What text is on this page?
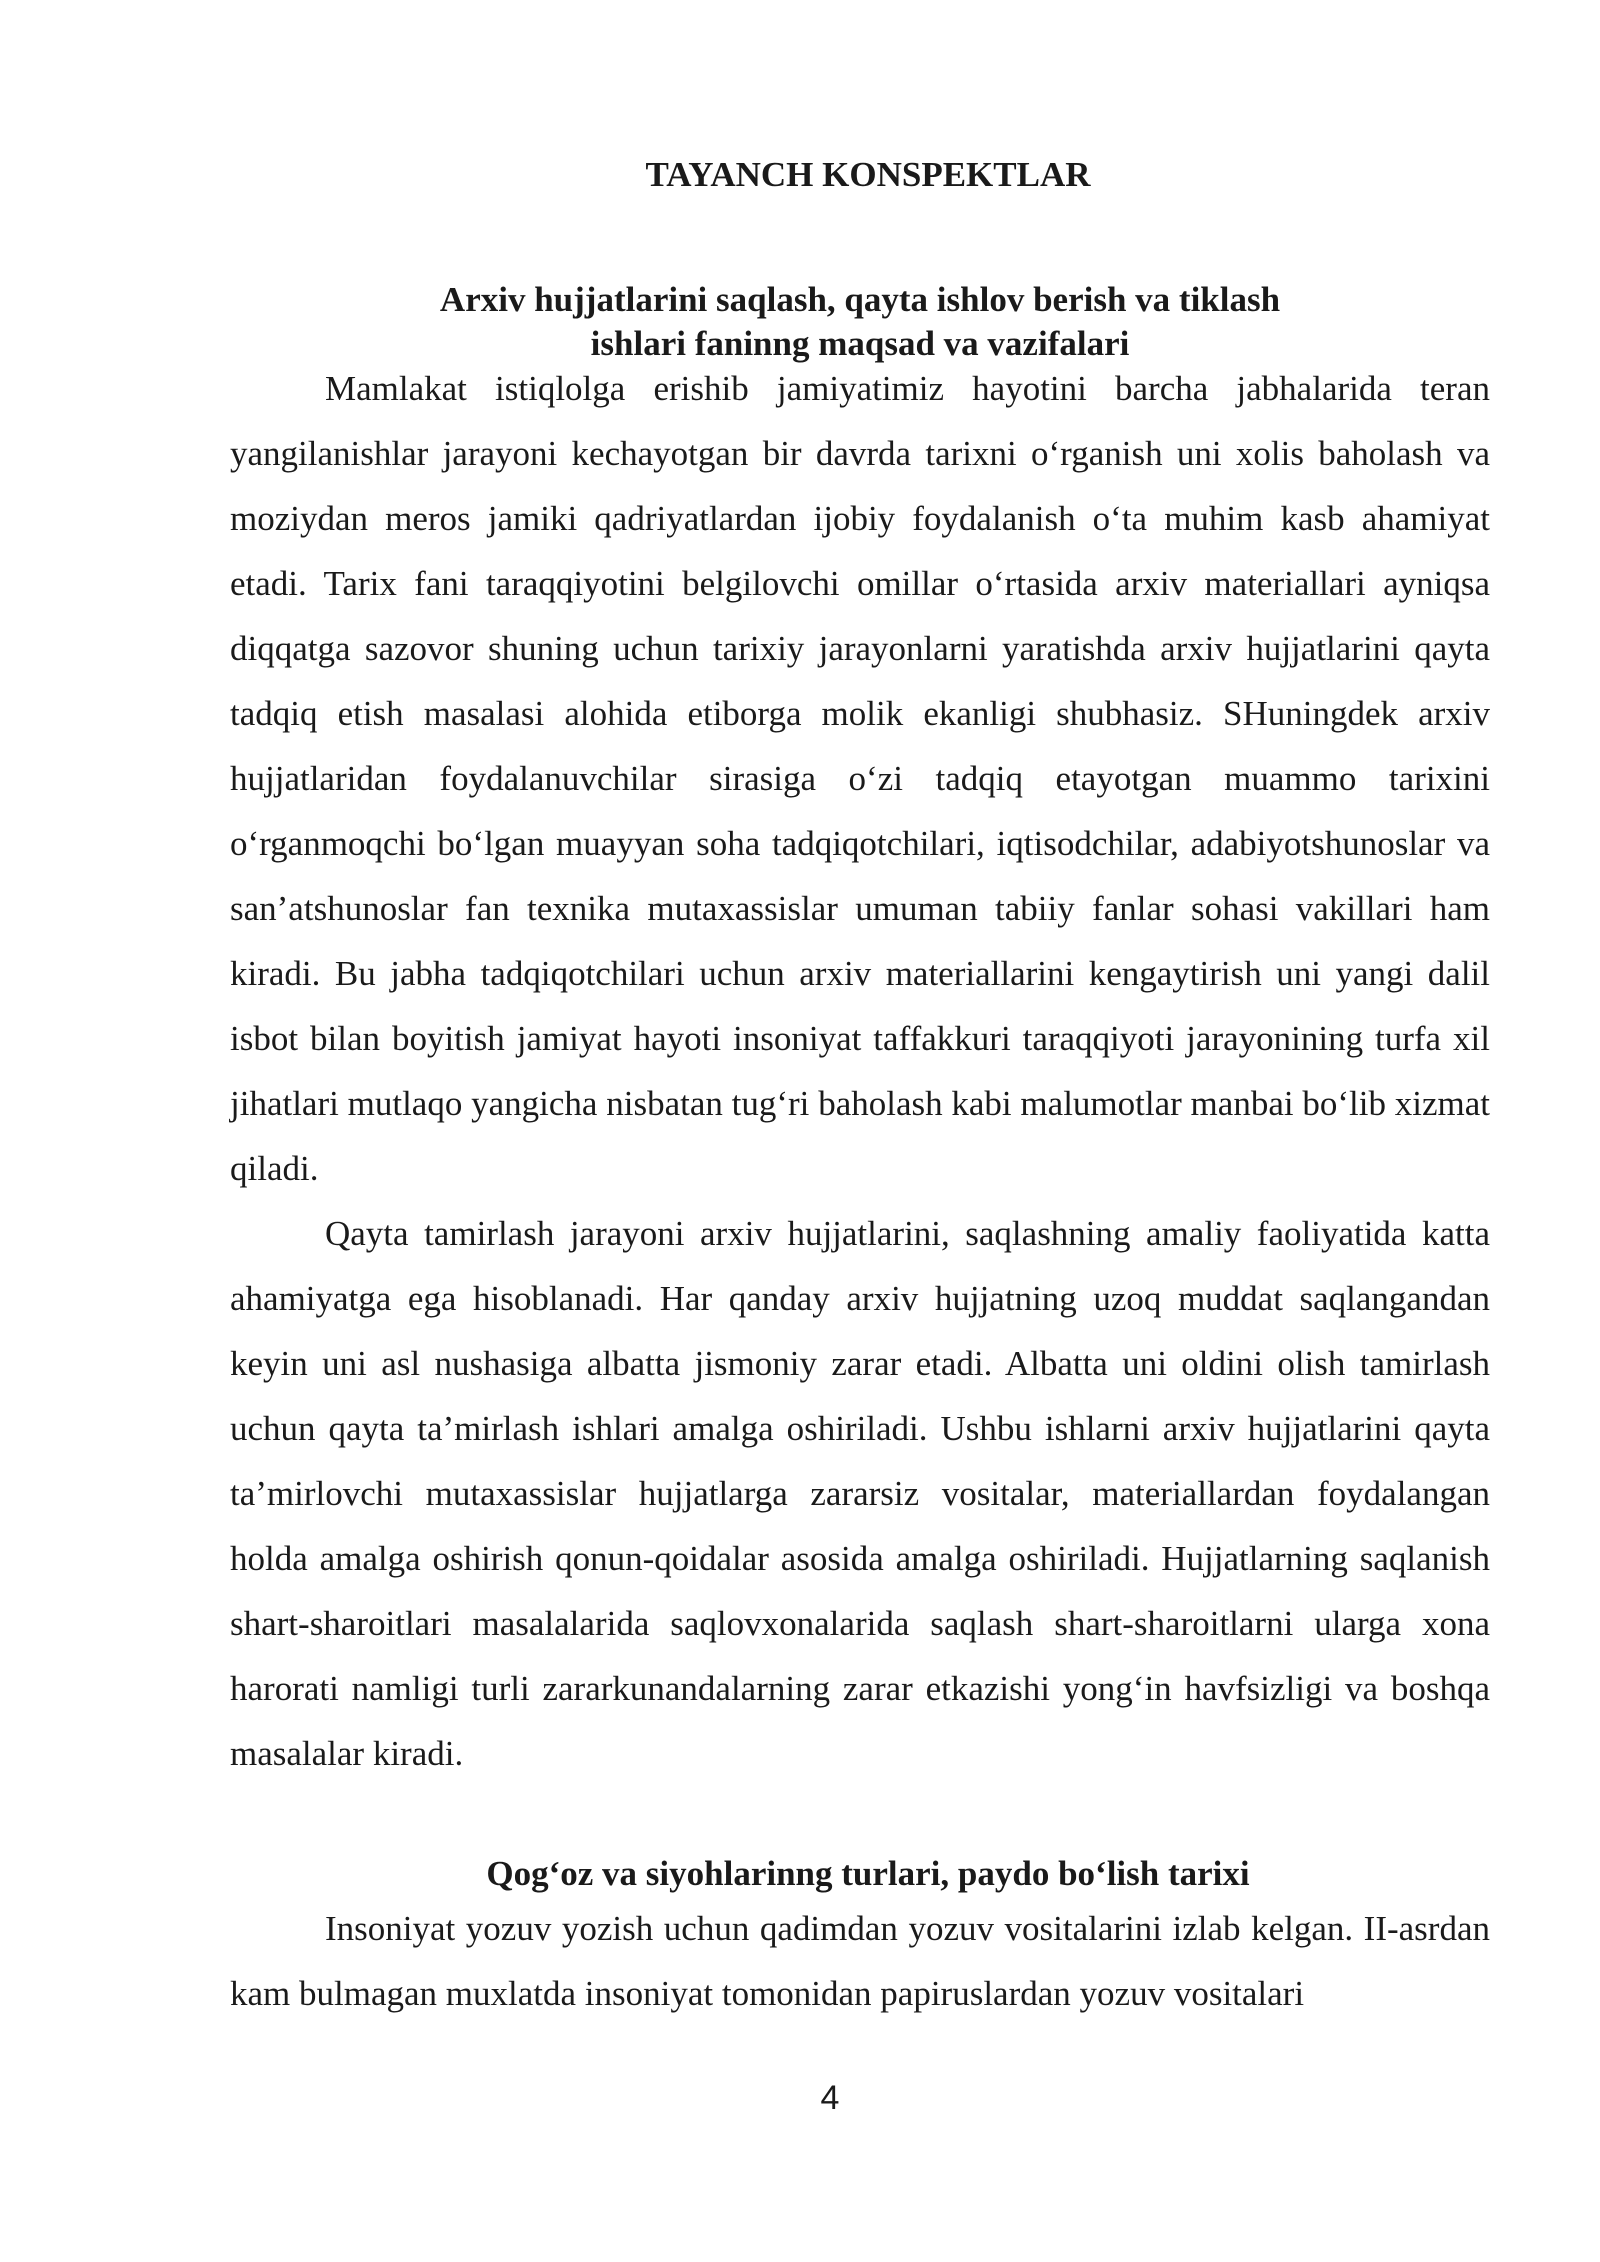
TAYANCH KONSPEKTLAR
Arxiv hujjatlarini saqlash, qayta ishlov berish va tiklash
ishlari faninng maqsad va vazifalari

Mamlakat istiqlolga erishib jamiyatimiz hayotini barcha jabhalarida teran yangilanishlar jarayoni kechayotgan bir davrda tarixni o‘rganish uni xolis baholash va moziydan meros jamiki qadriyatlardan ijobiy foydalanish o‘ta muhim kasb ahamiyat etadi. Tarix fani taraqqiyotini belgilovchi omillar o‘rtasida arxiv materiallari ayniqsa diqqatga sazovor shuning uchun tarixiy jarayonlarni yaratishda arxiv hujjatlarini qayta tadqiq etish masalasi alohida etiborga molik ekanligi shubhasiz. SHuningdek arxiv hujjatlaridan foydalanuvchilar sirasiga o‘zi tadqiq etayotgan muammo tarixini o‘rganmoqchi bo‘lgan muayyan soha tadqiqotchilari, iqtisodchilar, adabiyotshunoslar va san’atshunoslar fan texnika mutaxassislar umuman tabiiy fanlar sohasi vakillari ham kiradi. Bu jabha tadqiqotchilari uchun arxiv materiallarini kengaytirish uni yangi dalil isbot bilan boyitish jamiyat hayoti insoniyat taffakkuri taraqqiyoti jarayonining turfa xil jihatlari mutlaqo yangicha nisbatan tug‘ri baholash kabi malumotlar manbai bo‘lib xizmat qiladi.

Qayta tamirlash jarayoni arxiv hujjatlarini, saqlashning amaliy faoliyatida katta ahamiyatga ega hisoblanadi. Har qanday arxiv hujjatning uzoq muddat saqlangandan keyin uni asl nushasiga albatta jismoniy zarar etadi. Albatta uni oldini olish tamirlash uchun qayta ta’mirlash ishlari amalga oshiriladi. Ushbu ishlarni arxiv hujjatlarini qayta ta’mirlovchi mutaxassislar hujjatlarga zararsiz vositalar, materiallardan foydalangan holda amalga oshirish qonun-qoidalar asosida amalga oshiriladi. Hujjatlarning saqlanish shart-sharoitlari masalalarida saqlovxonalarida saqlash shart-sharoitlarni ularga xona harorati namligi turli zararkunandalarning zarar etkazishi yong‘in havfsizligi va boshqa masalalar kiradi.

Qog‘oz va siyohlarinng turlari, paydo bo‘lish tarixi

Insoniyat yozuv yozish uchun qadimdan yozuv vositalarini izlab kelgan. II-asrdan kam bulmagan muxlatda insoniyat tomonidan papiruslardan yozuv vositalari

4
